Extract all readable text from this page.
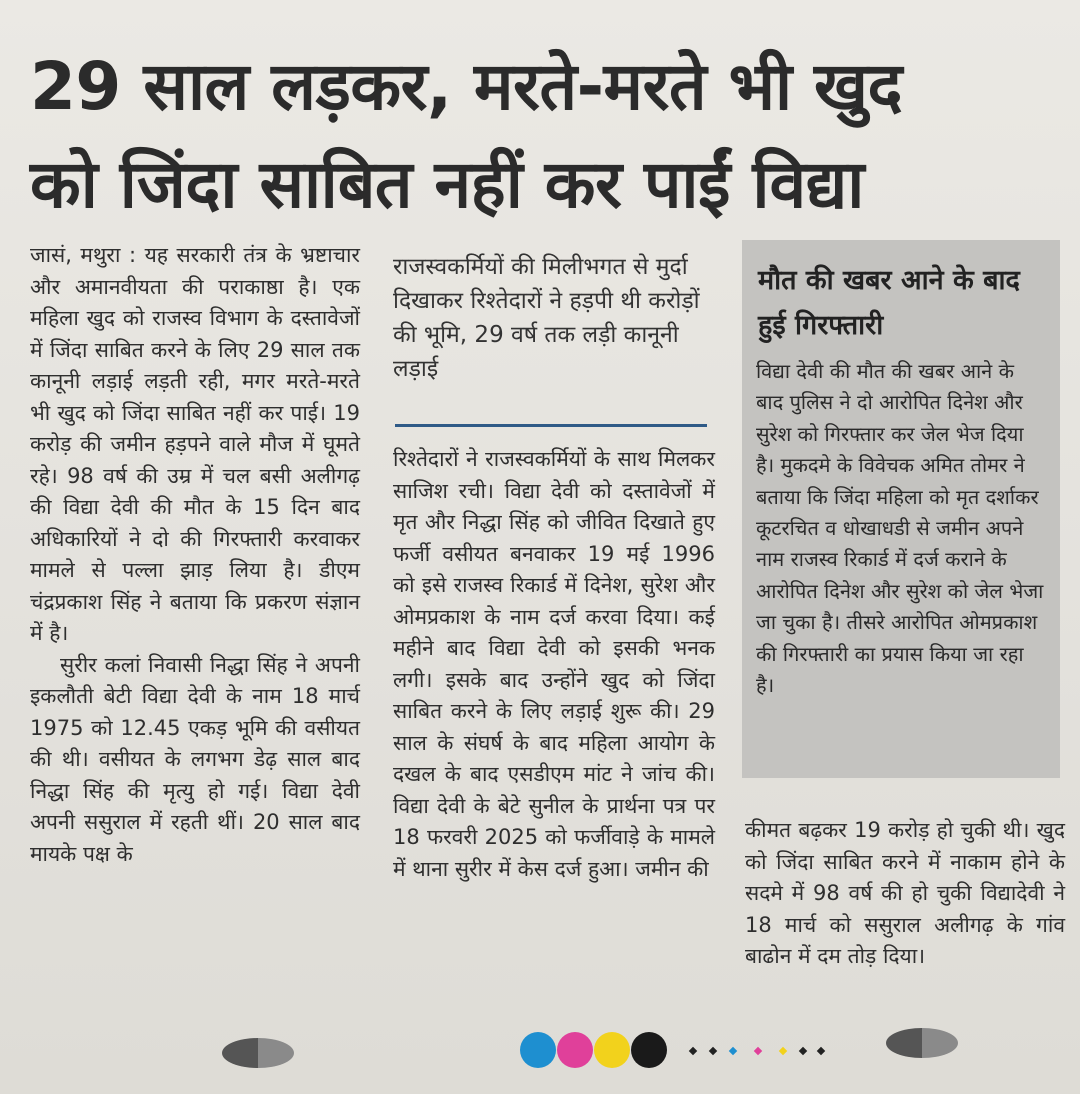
29 साल लड़कर, मरते-मरते भी खुद
को जिंदा साबित नहीं कर पाईं विद्या

जासं, मथुरा : यह सरकारी तंत्र के भ्रष्टाचार और अमानवीयता की पराकाष्ठा है। एक महिला खुद को राजस्व विभाग के दस्तावेजों में जिंदा साबित करने के लिए 29 साल तक कानूनी लड़ाई लड़ती रही, मगर मरते-मरते भी खुद को जिंदा साबित नहीं कर पाई। 19 करोड़ की जमीन हड़पने वाले मौज में घूमते रहे। 98 वर्ष की उम्र में चल बसी अलीगढ़ की विद्या देवी की मौत के 15 दिन बाद अधिकारियों ने दो की गिरफ्तारी करवाकर मामले से पल्ला झाड़ लिया है। डीएम चंद्रप्रकाश सिंह ने बताया कि प्रकरण संज्ञान में है।

सुरीर कलां निवासी निद्धा सिंह ने अपनी इकलौती बेटी विद्या देवी के नाम 18 मार्च 1975 को 12.45 एकड़ भूमि की वसीयत की थी। वसीयत के लगभग डेढ़ साल बाद निद्धा सिंह की मृत्यु हो गई। विद्या देवी अपनी ससुराल में रहती थीं। 20 साल बाद मायके पक्ष के

राजस्वकर्मियों की मिलीभगत से मुर्दा दिखाकर रिश्तेदारों ने हड़पी थी करोड़ों की भूमि, 29 वर्ष तक लड़ी कानूनी लड़ाई

रिश्तेदारों ने राजस्वकर्मियों के साथ मिलकर साजिश रची। विद्या देवी को दस्तावेजों में मृत और निद्धा सिंह को जीवित दिखाते हुए फर्जी वसीयत बनवाकर 19 मई 1996 को इसे राजस्व रिकार्ड में दिनेश, सुरेश और ओमप्रकाश के नाम दर्ज करवा दिया। कई महीने बाद विद्या देवी को इसकी भनक लगी। इसके बाद उन्होंने खुद को जिंदा साबित करने के लिए लड़ाई शुरू की। 29 साल के संघर्ष के बाद महिला आयोग के दखल के बाद एसडीएम मांट ने जांच की। विद्या देवी के बेटे सुनील के प्रार्थना पत्र पर 18 फरवरी 2025 को फर्जीवाड़े के मामले में थाना सुरीर में केस दर्ज हुआ। जमीन की

मौत की खबर आने के बाद हुई गिरफ्तारी
विद्या देवी की मौत की खबर आने के बाद पुलिस ने दो आरोपित दिनेश और सुरेश को गिरफ्तार कर जेल भेज दिया है। मुकदमे के विवेचक अमित तोमर ने बताया कि जिंदा महिला को मृत दर्शाकर कूटरचित व धोखाधडी से जमीन अपने नाम राजस्व रिकार्ड में दर्ज कराने के आरोपित दिनेश और सुरेश को जेल भेजा जा चुका है। तीसरे आरोपित ओमप्रकाश की गिरफ्तारी का प्रयास किया जा रहा है।

कीमत बढ़कर 19 करोड़ हो चुकी थी। खुद को जिंदा साबित करने में नाकाम होने के सदमे में 98 वर्ष की हो चुकी विद्यादेवी ने 18 मार्च को ससुराल अलीगढ़ के गांव बाढोन में दम तोड़ दिया।
